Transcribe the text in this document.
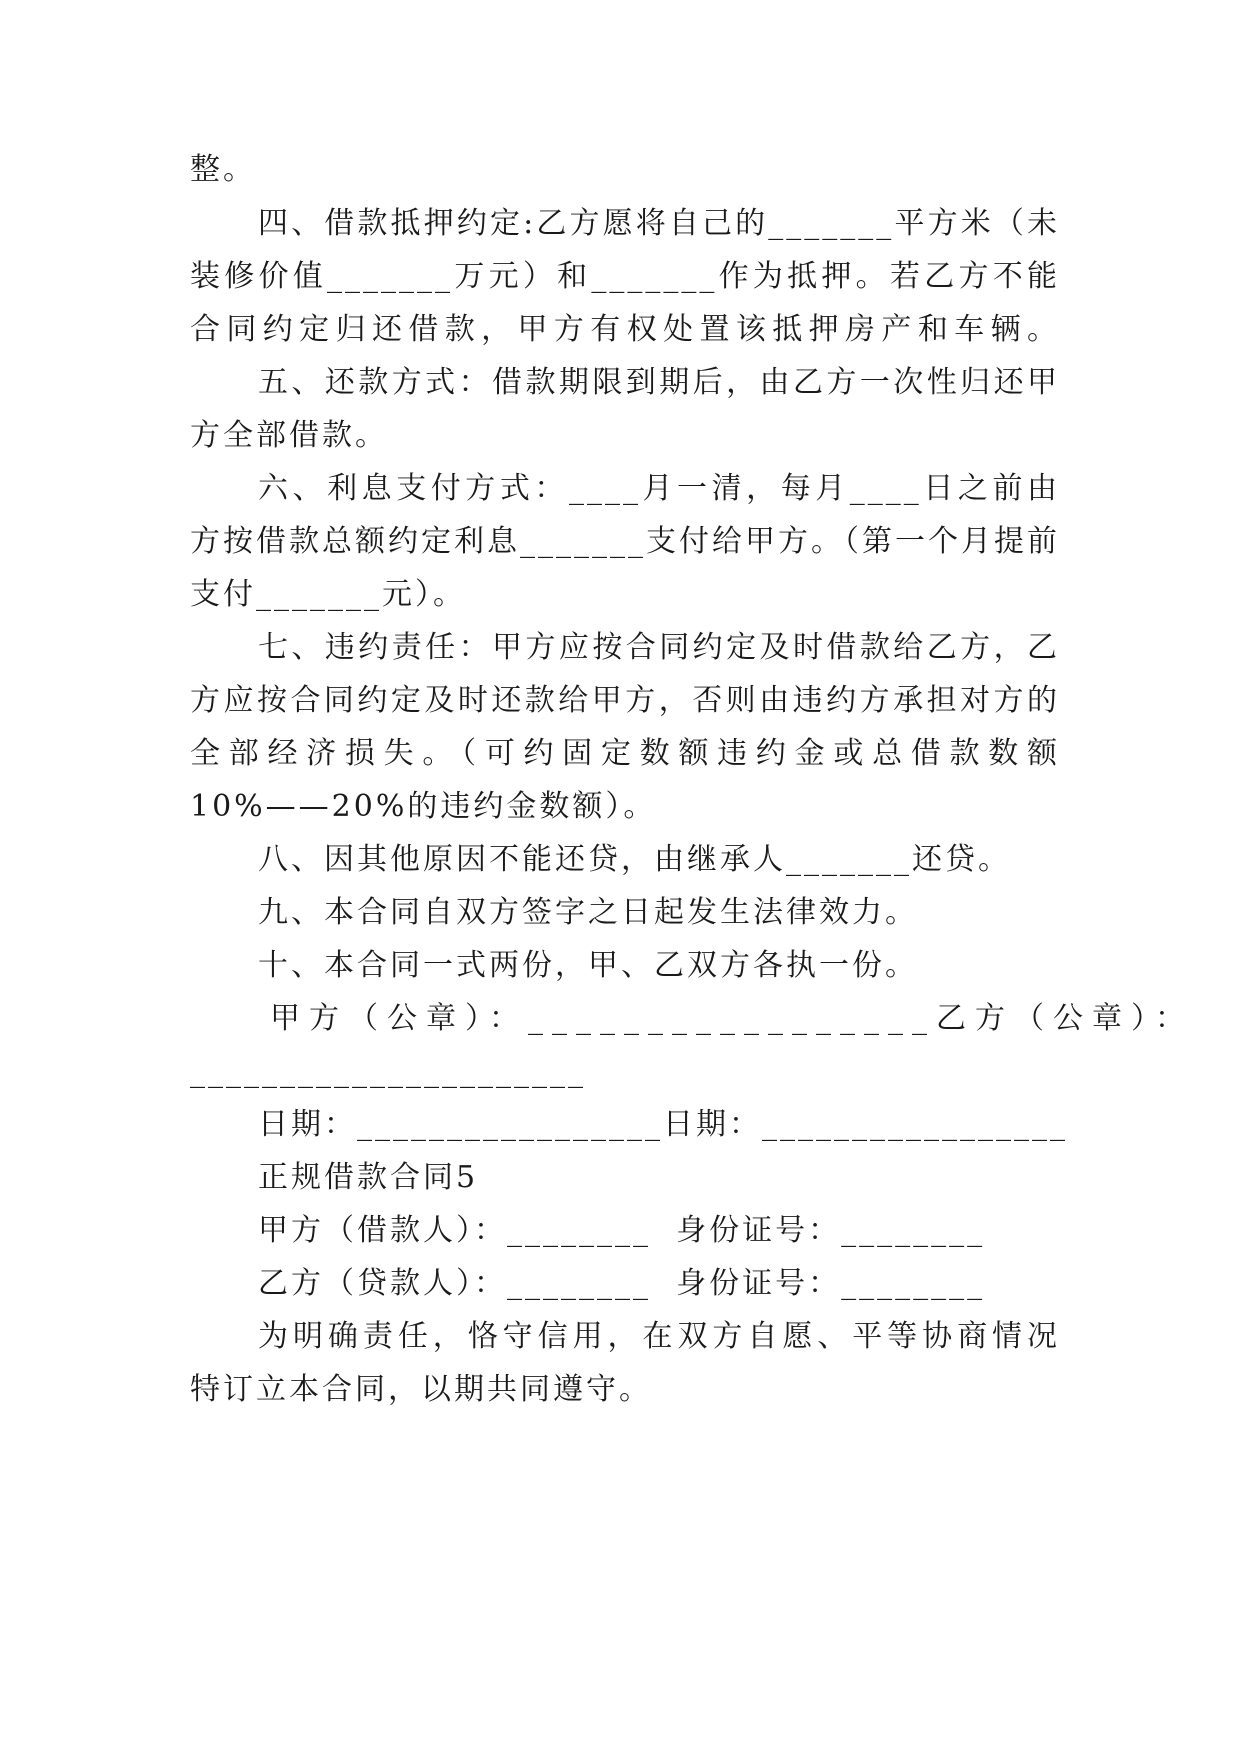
整。
四、借款抵押约定:乙方愿将自己的_______平方米（未
装修价值_______万元）和_______作为抵押。若乙方不能
合同约定归还借款，甲方有权处置该抵押房产和车辆。
五、还款方式：借款期限到期后，由乙方一次性归还甲
方全部借款。
六、利息支付方式：____月一清，每月____日之前由
方按借款总额约定利息_______支付给甲方。（第一个月提前
支付_______元）。
七、违约责任：甲方应按合同约定及时借款给乙方，乙
方应按合同约定及时还款给甲方，否则由违约方承担对方的
全部经济损失。（可约固定数额违约金或总借款数额
10%——20%的违约金数额）。
八、因其他原因不能还贷，由继承人_______还贷。
九、本合同自双方签字之日起发生法律效力。
十、本合同一式两份，甲、乙双方各执一份。
甲方（公章）：_________________乙方（公章）：
______________________
日期：_________________日期：_________________
正规借款合同5
甲方（借款人）：________  身份证号：________
乙方（贷款人）：________  身份证号：________
为明确责任，恪守信用，在双方自愿、平等协商情况
特订立本合同，以期共同遵守。
